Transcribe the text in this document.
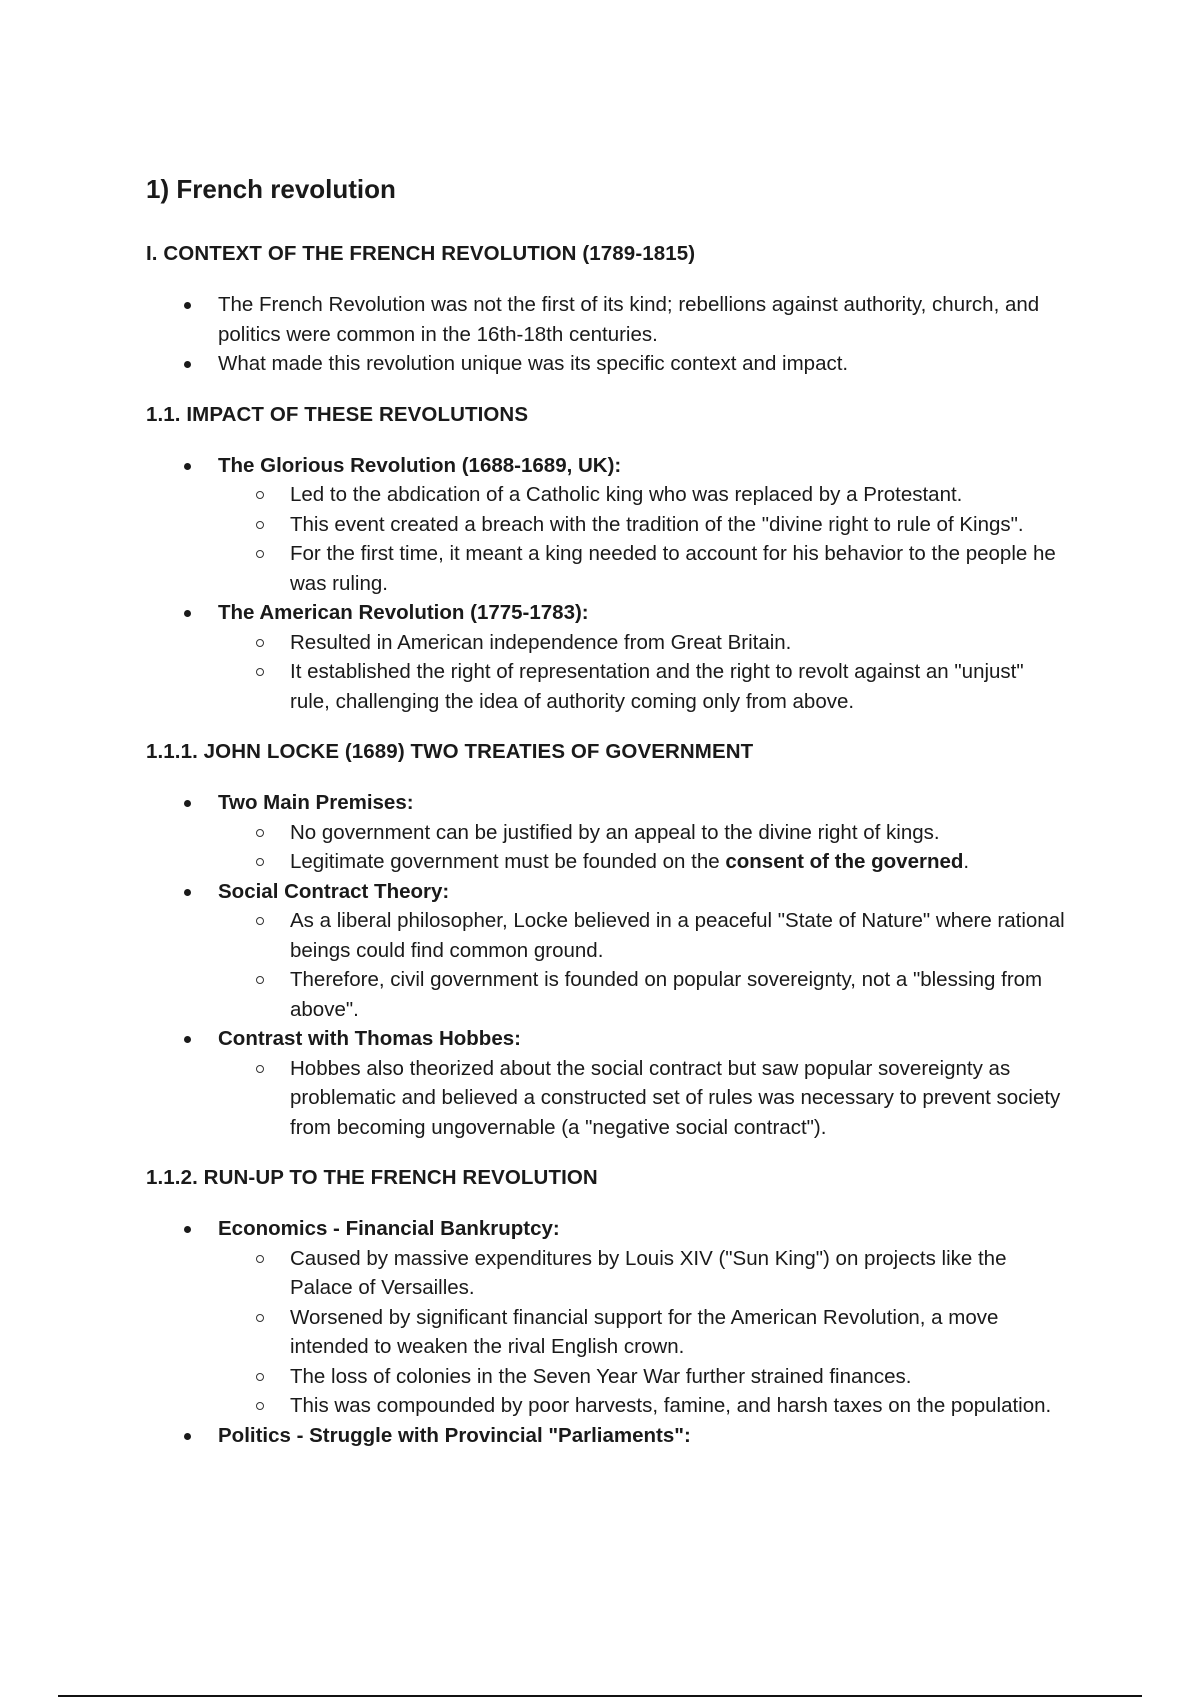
1) French revolution
I. CONTEXT OF THE FRENCH REVOLUTION (1789-1815)
The French Revolution was not the first of its kind; rebellions against authority, church, and politics were common in the 16th-18th centuries.
What made this revolution unique was its specific context and impact.
1.1. IMPACT OF THESE REVOLUTIONS
The Glorious Revolution (1688-1689, UK):
Led to the abdication of a Catholic king who was replaced by a Protestant.
This event created a breach with the tradition of the "divine right to rule of Kings".
For the first time, it meant a king needed to account for his behavior to the people he was ruling.
The American Revolution (1775-1783):
Resulted in American independence from Great Britain.
It established the right of representation and the right to revolt against an "unjust" rule, challenging the idea of authority coming only from above.
1.1.1. JOHN LOCKE (1689) TWO TREATIES OF GOVERNMENT
Two Main Premises:
No government can be justified by an appeal to the divine right of kings.
Legitimate government must be founded on the consent of the governed.
Social Contract Theory:
As a liberal philosopher, Locke believed in a peaceful "State of Nature" where rational beings could find common ground.
Therefore, civil government is founded on popular sovereignty, not a "blessing from above".
Contrast with Thomas Hobbes:
Hobbes also theorized about the social contract but saw popular sovereignty as problematic and believed a constructed set of rules was necessary to prevent society from becoming ungovernable (a "negative social contract").
1.1.2. RUN-UP TO THE FRENCH REVOLUTION
Economics - Financial Bankruptcy:
Caused by massive expenditures by Louis XIV ("Sun King") on projects like the Palace of Versailles.
Worsened by significant financial support for the American Revolution, a move intended to weaken the rival English crown.
The loss of colonies in the Seven Year War further strained finances.
This was compounded by poor harvests, famine, and harsh taxes on the population.
Politics - Struggle with Provincial "Parliaments":
